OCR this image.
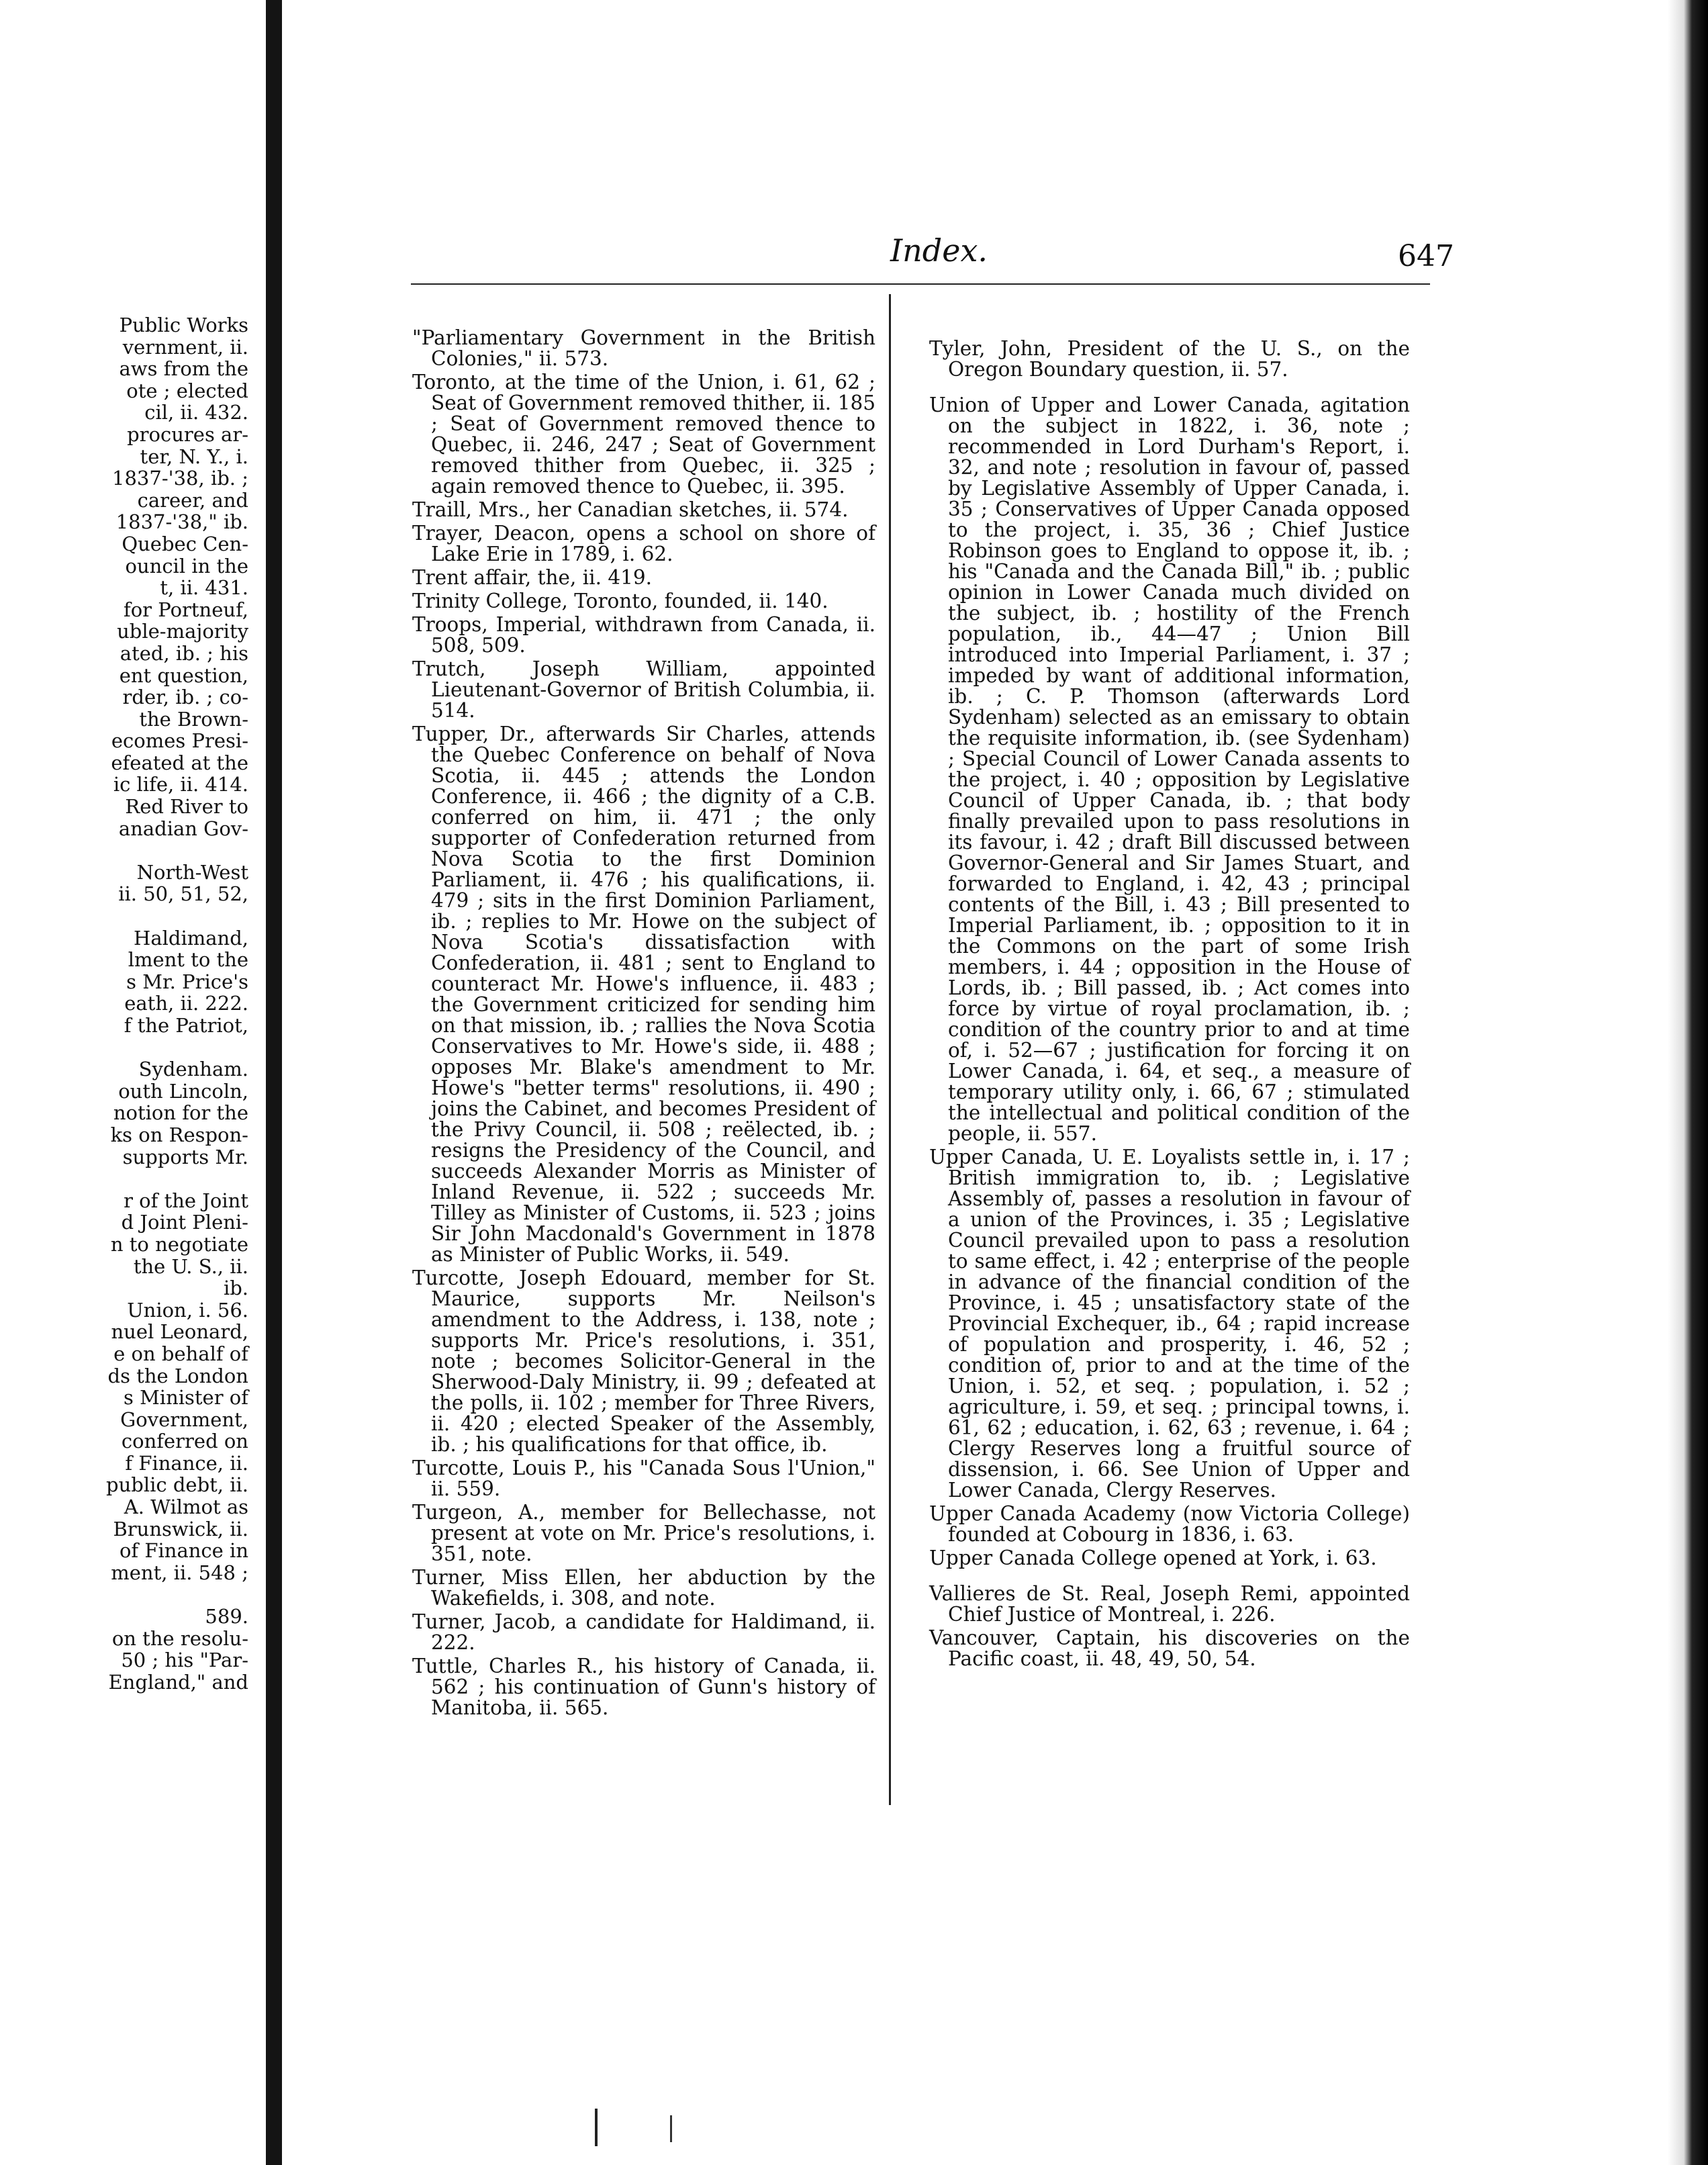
Public Works
vernment, ii.
aws from the
ote ; elected
cil, ii. 432.
procures ar-
ter, N. Y., i.
1837-'38, ib. ;
career, and
1837-'38," ib.
Quebec Cen-
ouncil in the
t, ii. 431.
for Portneuf,
uble-majority
ated, ib. ; his
ent question,
rder, ib. ; co-
the Brown-
ecomes Presi-
efeated at the
ic life, ii. 414.
Red River to
anadian Gov-
North-West
ii. 50, 51, 52,
Haldimand,
lment to the
s Mr. Price's
eath, ii. 222.
f the Patriot,
Sydenham.
outh Lincoln,
notion for the
ks on Respon-
supports Mr.
r of the Joint
d Joint Pleni-
n to negotiate
the U. S., ii.
ib.
Union, i. 56.
nuel Leonard,
e on behalf of
ds the London
s Minister of
Government,
conferred on
f Finance, ii.
public debt, ii.
A. Wilmot as
Brunswick, ii.
of Finance in
ment, ii. 548 ;
589.
on the resolu-
50 ; his "Par-
England," and
Index.	647

"Parliamentary Government in the British Colonies," ii. 573.

Toronto, at the time of the Union, i. 61, 62 ; Seat of Government removed thither, ii. 185 ; Seat of Government removed thence to Quebec, ii. 246, 247 ; Seat of Government removed thither from Quebec, ii. 325 ; again removed thence to Quebec, ii. 395.

Traill, Mrs., her Canadian sketches, ii. 574.

Trayer, Deacon, opens a school on shore of Lake Erie in 1789, i. 62.

Trent affair, the, ii. 419.

Trinity College, Toronto, founded, ii. 140.

Troops, Imperial, withdrawn from Canada, ii. 508, 509.

Trutch, Joseph William, appointed Lieutenant-Governor of British Columbia, ii. 514.

Tupper, Dr., afterwards Sir Charles, attends the Quebec Conference on behalf of Nova Scotia, ii. 445 ; attends the London Conference, ii. 466 ; the dignity of a C.B. conferred on him, ii. 471 ; the only supporter of Confederation returned from Nova Scotia to the first Dominion Parliament, ii. 476 ; his qualifications, ii. 479 ; sits in the first Dominion Parliament, ib. ; replies to Mr. Howe on the subject of Nova Scotia's dissatisfaction with Confederation, ii. 481 ; sent to England to counteract Mr. Howe's influence, ii. 483 ; the Government criticized for sending him on that mission, ib. ; rallies the Nova Scotia Conservatives to Mr. Howe's side, ii. 488 ; opposes Mr. Blake's amendment to Mr. Howe's "better terms" resolutions, ii. 490 ; joins the Cabinet, and becomes President of the Privy Council, ii. 508 ; reëlected, ib. ; resigns the Presidency of the Council, and succeeds Alexander Morris as Minister of Inland Revenue, ii. 522 ; succeeds Mr. Tilley as Minister of Customs, ii. 523 ; joins Sir John Macdonald's Government in 1878 as Minister of Public Works, ii. 549.

Turcotte, Joseph Edouard, member for St. Maurice, supports Mr. Neilson's amendment to the Address, i. 138, note ; supports Mr. Price's resolutions, i. 351, note ; becomes Solicitor-General in the Sherwood-Daly Ministry, ii. 99 ; defeated at the polls, ii. 102 ; member for Three Rivers, ii. 420 ; elected Speaker of the Assembly, ib. ; his qualifications for that office, ib.

Turcotte, Louis P., his "Canada Sous l'Union," ii. 559.

Turgeon, A., member for Bellechasse, not present at vote on Mr. Price's resolutions, i. 351, note.

Turner, Miss Ellen, her abduction by the Wakefields, i. 308, and note.

Turner, Jacob, a candidate for Haldimand, ii. 222.

Tuttle, Charles R., his history of Canada, ii. 562 ; his continuation of Gunn's history of Manitoba, ii. 565.

Tyler, John, President of the U. S., on the Oregon Boundary question, ii. 57.

Union of Upper and Lower Canada, agitation on the subject in 1822, i. 36, note ; recommended in Lord Durham's Report, i. 32, and note ; resolution in favour of, passed by Legislative Assembly of Upper Canada, i. 35 ; Conservatives of Upper Canada opposed to the project, i. 35, 36 ; Chief Justice Robinson goes to England to oppose it, ib. ; his "Canada and the Canada Bill," ib. ; public opinion in Lower Canada much divided on the subject, ib. ; hostility of the French population, ib., 44—47 ; Union Bill introduced into Imperial Parliament, i. 37 ; impeded by want of additional information, ib. ; C. P. Thomson (afterwards Lord Sydenham) selected as an emissary to obtain the requisite information, ib. (see Sydenham) ; Special Council of Lower Canada assents to the project, i. 40 ; opposition by Legislative Council of Upper Canada, ib. ; that body finally prevailed upon to pass resolutions in its favour, i. 42 ; draft Bill discussed between Governor-General and Sir James Stuart, and forwarded to England, i. 42, 43 ; principal contents of the Bill, i. 43 ; Bill presented to Imperial Parliament, ib. ; opposition to it in the Commons on the part of some Irish members, i. 44 ; opposition in the House of Lords, ib. ; Bill passed, ib. ; Act comes into force by virtue of royal proclamation, ib. ; condition of the country prior to and at time of, i. 52—67 ; justification for forcing it on Lower Canada, i. 64, et seq., a measure of temporary utility only, i. 66, 67 ; stimulated the intellectual and political condition of the people, ii. 557.

Upper Canada, U. E. Loyalists settle in, i. 17 ; British immigration to, ib. ; Legislative Assembly of, passes a resolution in favour of a union of the Provinces, i. 35 ; Legislative Council prevailed upon to pass a resolution to same effect, i. 42 ; enterprise of the people in advance of the financial condition of the Province, i. 45 ; unsatisfactory state of the Provincial Exchequer, ib., 64 ; rapid increase of population and prosperity, i. 46, 52 ; condition of, prior to and at the time of the Union, i. 52, et seq. ; population, i. 52 ; agriculture, i. 59, et seq. ; principal towns, i. 61, 62 ; education, i. 62, 63 ; revenue, i. 64 ; Clergy Reserves long a fruitful source of dissension, i. 66. See Union of Upper and Lower Canada, Clergy Reserves.

Upper Canada Academy (now Victoria College) founded at Cobourg in 1836, i. 63.

Upper Canada College opened at York, i. 63.

Vallieres de St. Real, Joseph Remi, appointed Chief Justice of Montreal, i. 226.

Vancouver, Captain, his discoveries on the Pacific coast, ii. 48, 49, 50, 54.
